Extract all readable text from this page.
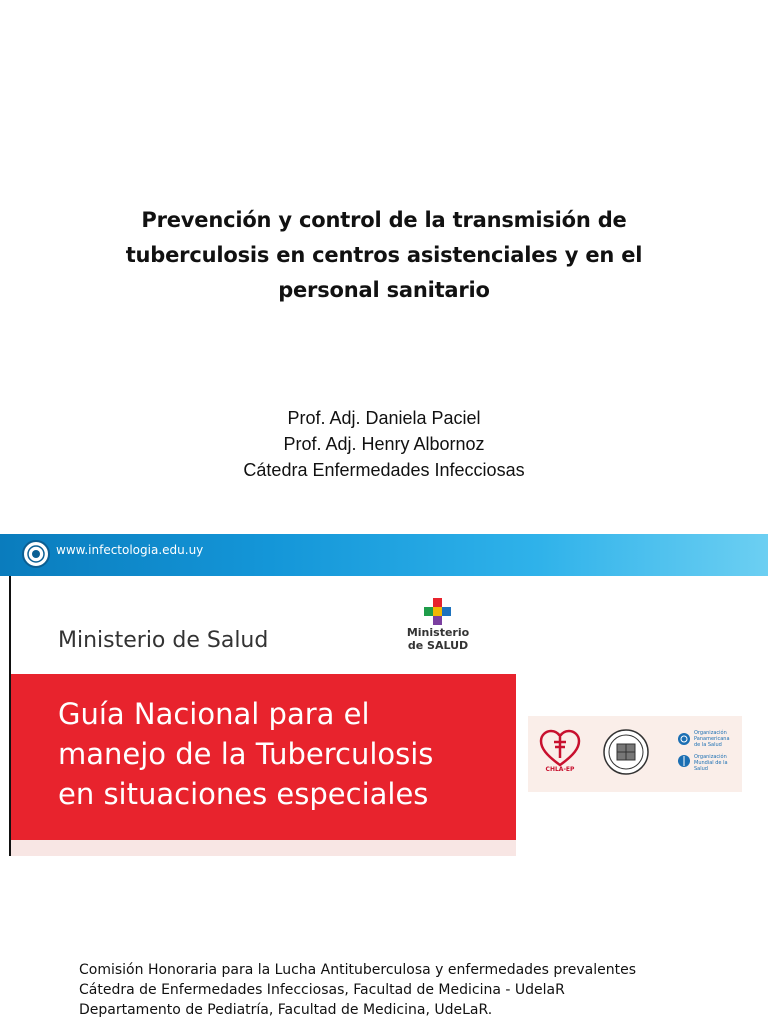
Prevención y control de la transmisión de
tuberculosis en centros asistenciales y en el
personal sanitario
Prof. Adj. Daniela Paciel
Prof. Adj. Henry Albornoz
Cátedra Enfermedades Infecciosas
www.infectologia.edu.uy
Ministerio de Salud	Ministerio
de SALUD
Guía Nacional para el
manejo de la Tuberculosis
en situaciones especiales
CHLA-EP
Organización
Panamericana
de la Salud
Organización
Mundial de la Salud
Comisión Honoraria para la Lucha Antituberculosa y enfermedades prevalentes
Cátedra de Enfermedades Infecciosas, Facultad de Medicina - UdelaR
Departamento de Pediatría, Facultad de Medicina, UdeLaR.
